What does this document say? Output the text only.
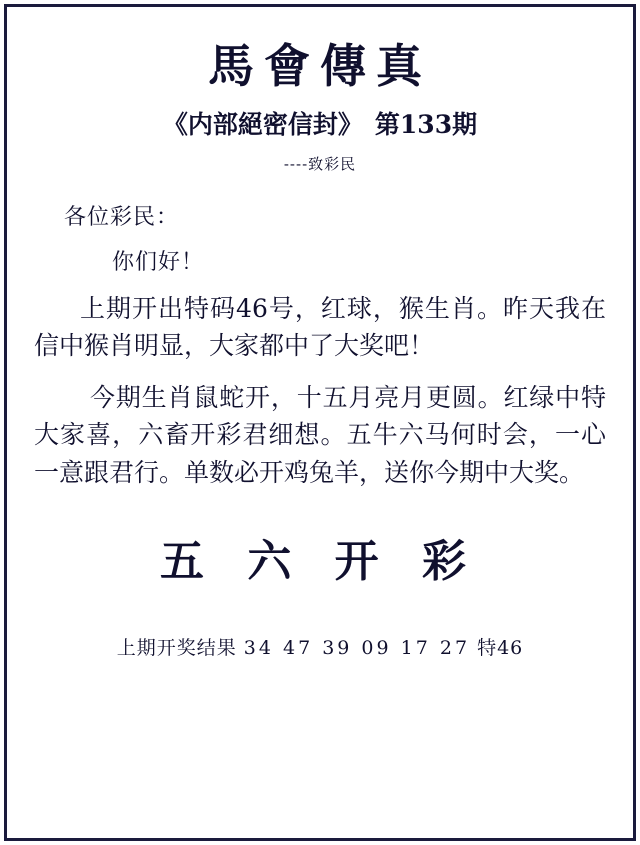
馬會傳真
《内部絕密信封》 第133期
----致彩民
各位彩民：
你们好！
上期开出特码46号，红球，猴生肖。昨天我在信中猴肖明显，大家都中了大奖吧！
今期生肖鼠蛇开，十五月亮月更圆。红绿中特大家喜，六畜开彩君细想。五牛六马何时会，一心一意跟君行。单数必开鸡兔羊，送你今期中大奖。
五 六 开 彩
上期开奖结果 34 47 39 09 17 27 特46
